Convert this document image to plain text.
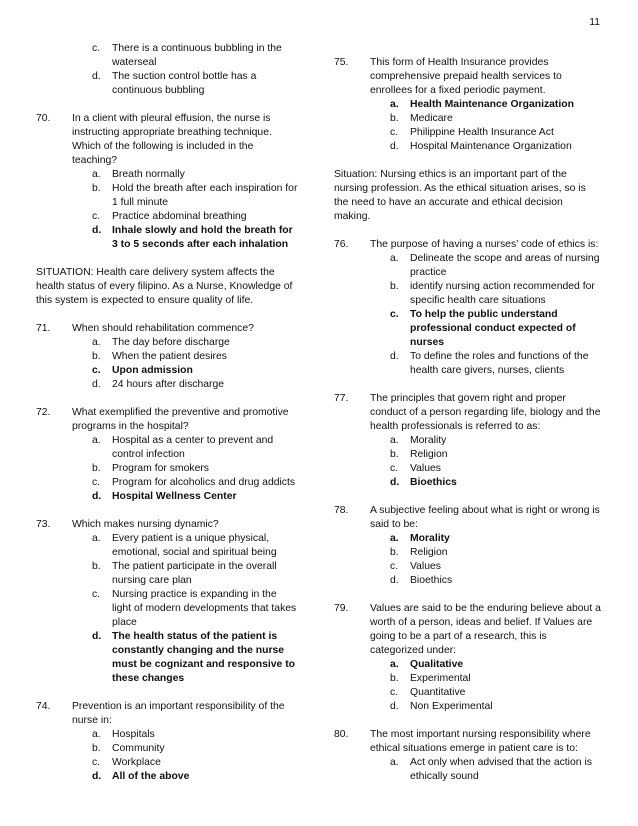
11
c.	There is a continuous bubbling in the waterseal
d.	The suction control bottle has a continuous bubbling
70.	In a client with pleural effusion, the nurse is instructing appropriate breathing technique. Which of the following is included in the teaching?
a.	Breath normally
b.	Hold the breath after each inspiration for 1 full minute
c.	Practice abdominal breathing
d.	Inhale slowly and hold the breath for 3 to 5 seconds after each inhalation

SITUATION: Health care delivery system affects the health status of every filipino. As a Nurse, Knowledge of this system is expected to ensure quality of life.

71.	When should rehabilitation commence?
a.	The day before discharge
b.	When the patient desires
c.	Upon admission
d.	24 hours after discharge
72.	What exemplified the preventive and promotive programs in the hospital?
a.	Hospital as a center to prevent and control infection
b.	Program for smokers
c.	Program for alcoholics and drug addicts
d.	Hospital Wellness Center
73.	Which makes nursing dynamic?
a.	Every patient is a unique physical, emotional, social and spiritual being
b.	The patient participate in the overall nursing care plan
c.	Nursing practice is expanding in the light of modern developments that takes place
d.	The health status of the patient is constantly changing and the nurse must be cognizant and responsive to these changes
74.	Prevention is an important responsibility of the nurse in:
a.	Hospitals
b.	Community
c.	Workplace
d.	All of the above
75.	This form of Health Insurance provides comprehensive prepaid health services to enrollees for a fixed periodic payment.
a.	Health Maintenance Organization
b.	Medicare
c.	Philippine Health Insurance Act
d.	Hospital Maintenance Organization

Situation: Nursing ethics is an important part of the nursing profession. As the ethical situation arises, so is the need to have an accurate and ethical decision making.

76.	The purpose of having a nurses’ code of ethics is:
a.	Delineate the scope and areas of nursing practice
b.	identify nursing action recommended for specific health care situations
c.	To help the public understand professional conduct expected of nurses
d.	To define the roles and functions of the health care givers, nurses, clients
77.	The principles that govern right and proper conduct of a person regarding life, biology and the health professionals is referred to as:
a.	Morality
b.	Religion
c.	Values
d.	Bioethics
78.	A subjective feeling about what is right or wrong is said to be:
a.	Morality
b.	Religion
c.	Values
d.	Bioethics
79.	Values are said to be the enduring believe about a worth of a person, ideas and belief. If Values are going to be a part of a research, this is categorized under:
a.	Qualitative
b.	Experimental
c.	Quantitative
d.	Non Experimental
80.	The most important nursing responsibility where ethical situations emerge in patient care is to:
a.	Act only when advised that the action is ethically sound
